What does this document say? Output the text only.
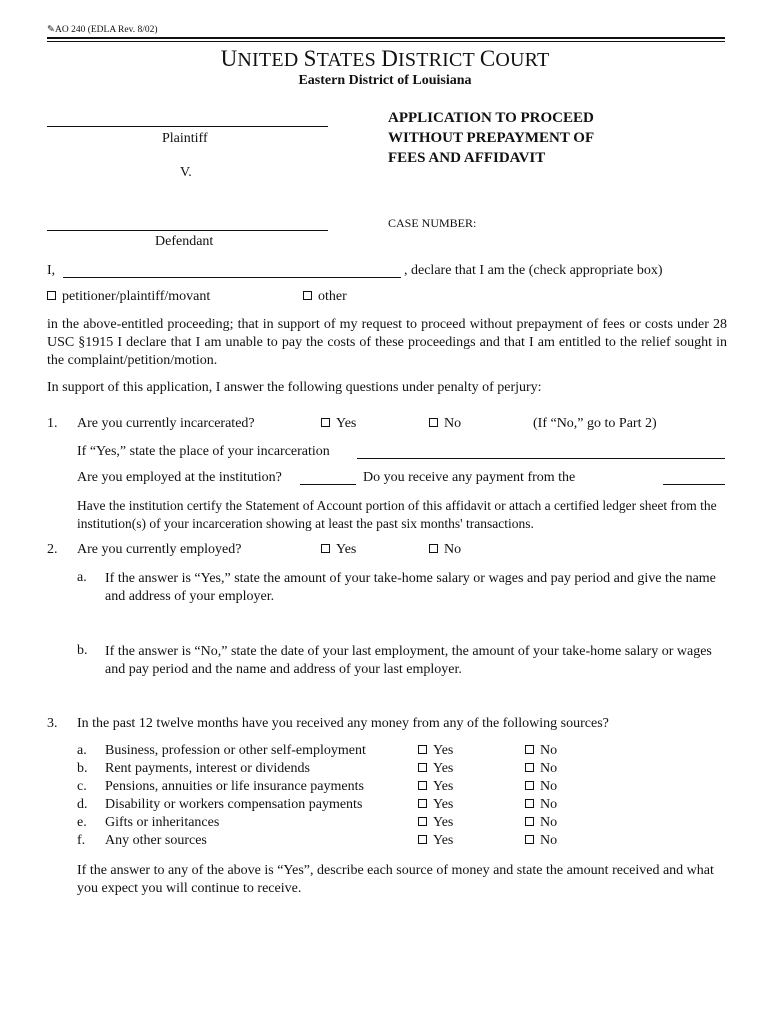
✎AO 240 (EDLA Rev. 8/02)
UNITED STATES DISTRICT COURT
Eastern District of Louisiana
Plaintiff
V.
Defendant
APPLICATION TO PROCEED
WITHOUT PREPAYMENT OF
FEES AND AFFIDAVIT
CASE NUMBER:
I,	, declare that I am the (check appropriate box)
petitioner/plaintiff/movant	other
in the above-entitled proceeding; that in support of my request to proceed without prepayment of fees or costs under 28 USC §1915 I declare that I am unable to pay the costs of these proceedings and that I am entitled to the relief sought in the complaint/petition/motion.
In support of this application, I answer the following questions under penalty of perjury:
1. Are you currently incarcerated?	Yes	No	(If “No,” go to Part 2)
If “Yes,” state the place of your incarceration
Are you employed at the institution?	Do you receive any payment from the
Have the institution certify the Statement of Account portion of this affidavit or attach a certified ledger sheet from the institution(s) of your incarceration showing at least the past six months' transactions.
2. Are you currently employed?	Yes	No
a. If the answer is “Yes,” state the amount of your take-home salary or wages and pay period and give the name and address of your employer.
b. If the answer is “No,” state the date of your last employment, the amount of your take-home salary or wages and pay period and the name and address of your last employer.
3. In the past 12 twelve months have you received any money from any of the following sources?
a. Business, profession or other self-employment	Yes	No
b. Rent payments, interest or dividends	Yes	No
c. Pensions, annuities or life insurance payments	Yes	No
d. Disability or workers compensation payments	Yes	No
e. Gifts or inheritances	Yes	No
f. Any other sources	Yes	No
If the answer to any of the above is “Yes”, describe each source of money and state the amount received and what you expect you will continue to receive.
